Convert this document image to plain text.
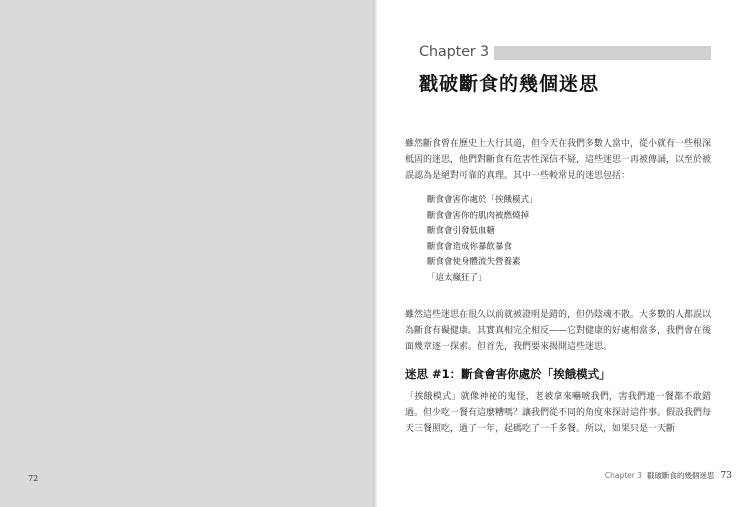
72
Chapter 3
戳破斷食的幾個迷思

雖然斷食曾在歷史上大行其道，但今天在我們多數人當中，從小就有一些根深柢固的迷思，他們對斷食有危害性深信不疑，這些迷思一再被傳誦，以至於被誤認為是絕對可靠的真理。其中一些較常見的迷思包括：

斷食會害你處於「挨餓模式」
斷食會害你的肌肉被燃燒掉
斷食會引發低血糖
斷食會造成你暴飲暴食
斷食會使身體流失營養素
「這太瘋狂了」

雖然這些迷思在很久以前就被證明是錯的，但仍陰魂不散。大多數的人都誤以為斷食有礙健康。其實真相完全相反——它對健康的好處相當多，我們會在後面幾章逐一探索。但首先，我們要來揭開這些迷思。

迷思 #1：斷食會害你處於「挨餓模式」

「挨餓模式」就像神祕的鬼怪，老被拿來嚇唬我們，害我們連一餐都不敢錯過。但少吃一餐有這麼糟嗎？讓我們從不同的角度來探討這件事。假設我們每天三餐照吃，過了一年，起碼吃了一千多餐。所以，如果只是一天斷

Chapter 3 戳破斷食的幾個迷思 73
